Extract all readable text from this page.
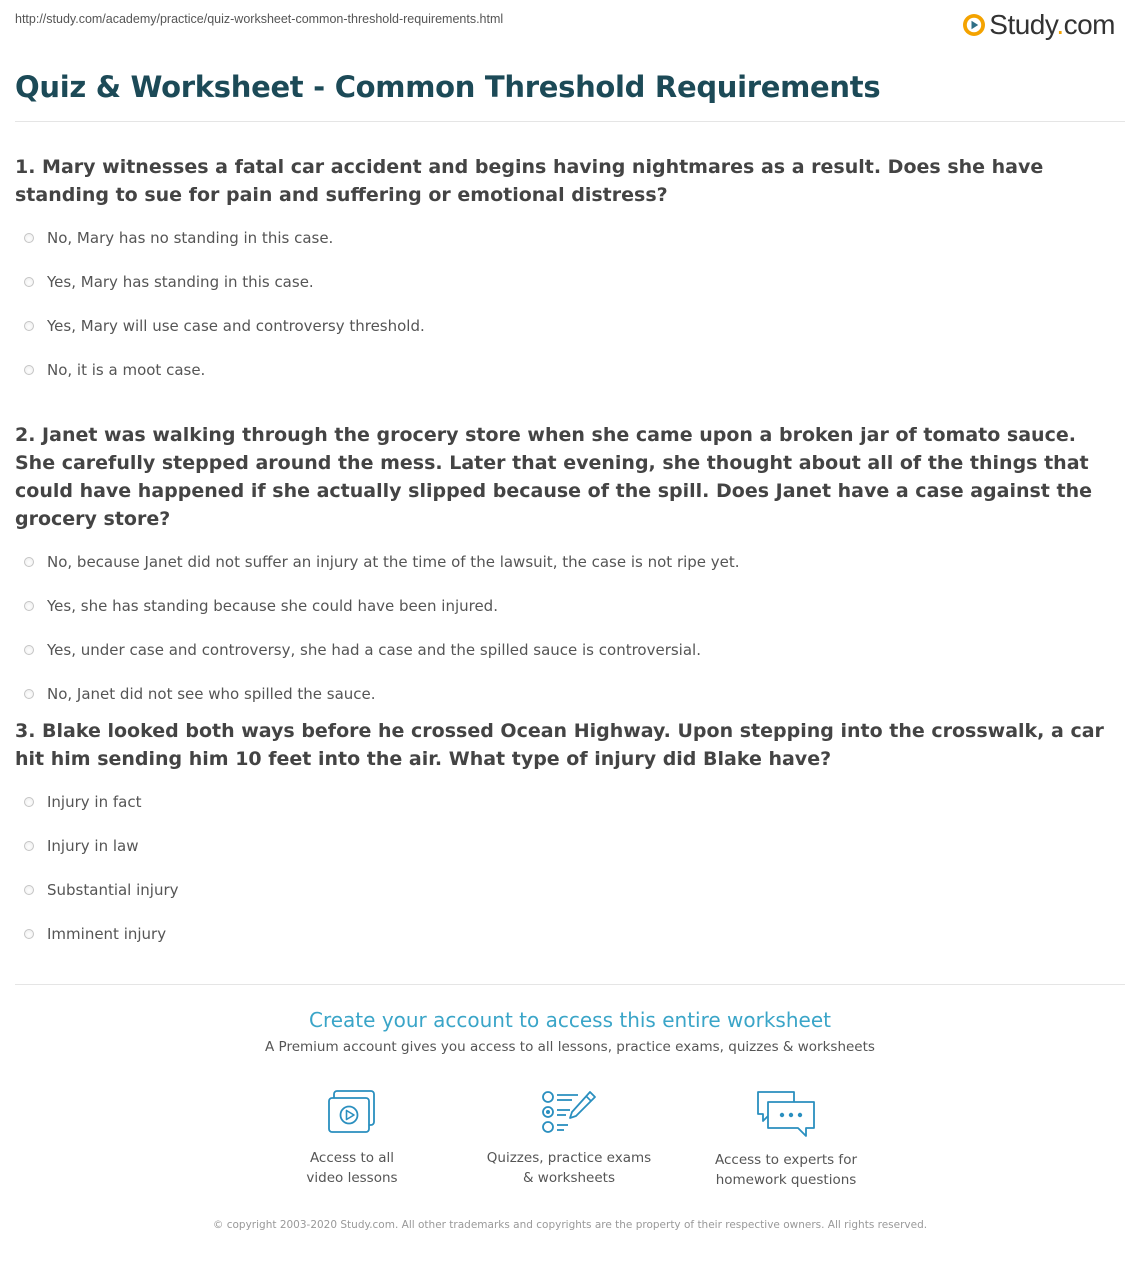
http://study.com/academy/practice/quiz-worksheet-common-threshold-requirements.html	Study.com
Quiz & Worksheet - Common Threshold Requirements

1. Mary witnesses a fatal car accident and begins having nightmares as a result. Does she have standing to sue for pain and suffering or emotional distress?

No, Mary has no standing in this case.
Yes, Mary has standing in this case.
Yes, Mary will use case and controversy threshold.
No, it is a moot case.

2. Janet was walking through the grocery store when she came upon a broken jar of tomato sauce. She carefully stepped around the mess. Later that evening, she thought about all of the things that could have happened if she actually slipped because of the spill. Does Janet have a case against the grocery store?

No, because Janet did not suffer an injury at the time of the lawsuit, the case is not ripe yet.
Yes, she has standing because she could have been injured.
Yes, under case and controversy, she had a case and the spilled sauce is controversial.
No, Janet did not see who spilled the sauce.

3. Blake looked both ways before he crossed Ocean Highway. Upon stepping into the crosswalk, a car hit him sending him 10 feet into the air. What type of injury did Blake have?

Injury in fact
Injury in law
Substantial injury
Imminent injury
Create your account to access this entire worksheet

A Premium account gives you access to all lessons, practice exams, quizzes & worksheets

Access to all
video lessons
Quizzes, practice exams
& worksheets
Access to experts for
homework questions
© copyright 2003-2020 Study.com. All other trademarks and copyrights are the property of their respective owners. All rights reserved.
